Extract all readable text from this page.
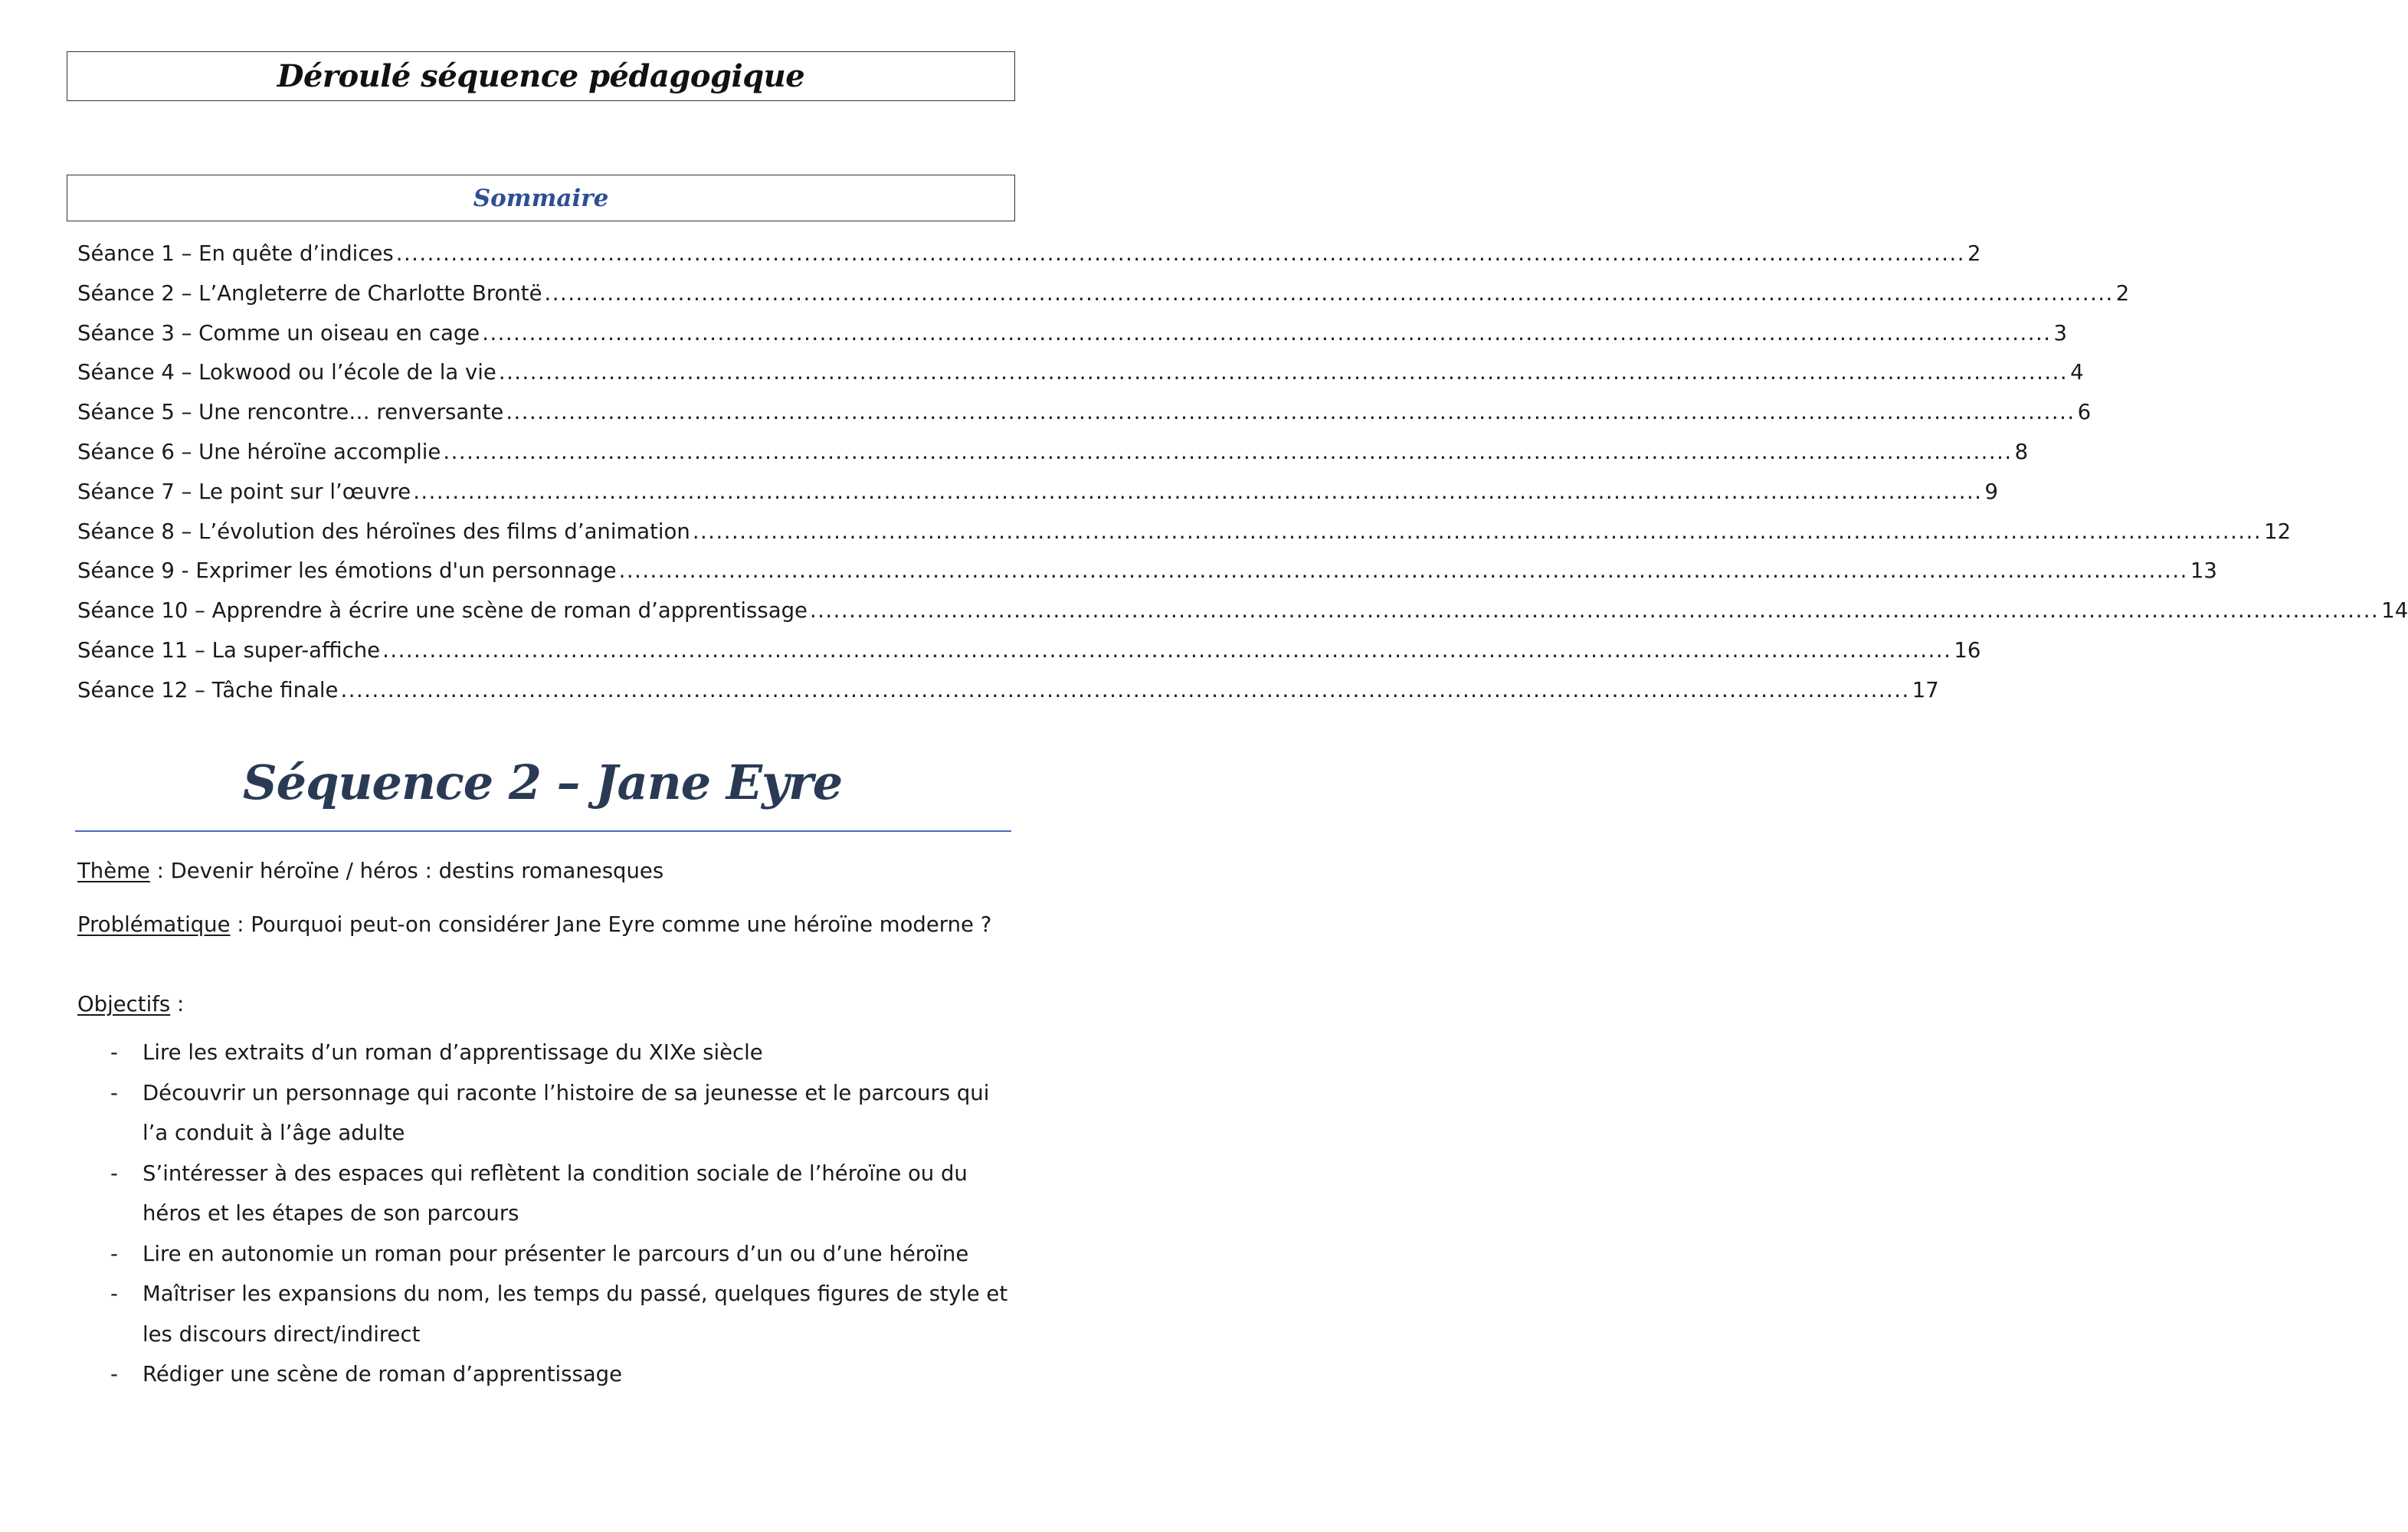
Déroulé séquence pédagogique
Sommaire
Séance 1 – En quête d’indices ........................................................................................................................................................................................................ 2
Séance 2 – L’Angleterre de Charlotte Brontë ........................................................................................................................................................................................................ 2
Séance 3 – Comme un oiseau en cage ........................................................................................................................................................................................................ 3
Séance 4 – Lokwood ou l’école de la vie ........................................................................................................................................................................................................ 4
Séance 5 – Une rencontre… renversante ........................................................................................................................................................................................................ 6
Séance 6 – Une héroïne accomplie ........................................................................................................................................................................................................ 8
Séance 7 – Le point sur l’œuvre ........................................................................................................................................................................................................ 9
Séance 8 – L’évolution des héroïnes des films d’animation ........................................................................................................................................................................................................ 12
Séance 9 - Exprimer les émotions d'un personnage ........................................................................................................................................................................................................ 13
Séance 10 – Apprendre à écrire une scène de roman d’apprentissage ........................................................................................................................................................................................................ 14
Séance 11 – La super-affiche ........................................................................................................................................................................................................ 16
Séance 12 – Tâche finale ........................................................................................................................................................................................................ 17
Séquence 2 – Jane Eyre
Thème : Devenir héroïne / héros : destins romanesques
Problématique : Pourquoi peut-on considérer Jane Eyre comme une héroïne moderne ?
Objectifs :
-	Lire les extraits d’un roman d’apprentissage du XIXe siècle
-	Découvrir un personnage qui raconte l’histoire de sa jeunesse et le parcours qui l’a conduit à l’âge adulte
-	S’intéresser à des espaces qui reflètent la condition sociale de l’héroïne ou du héros et les étapes de son parcours
-	Lire en autonomie un roman pour présenter le parcours d’un ou d’une héroïne
-	Maîtriser les expansions du nom, les temps du passé, quelques figures de style et les discours direct/indirect
-	Rédiger une scène de roman d’apprentissage
